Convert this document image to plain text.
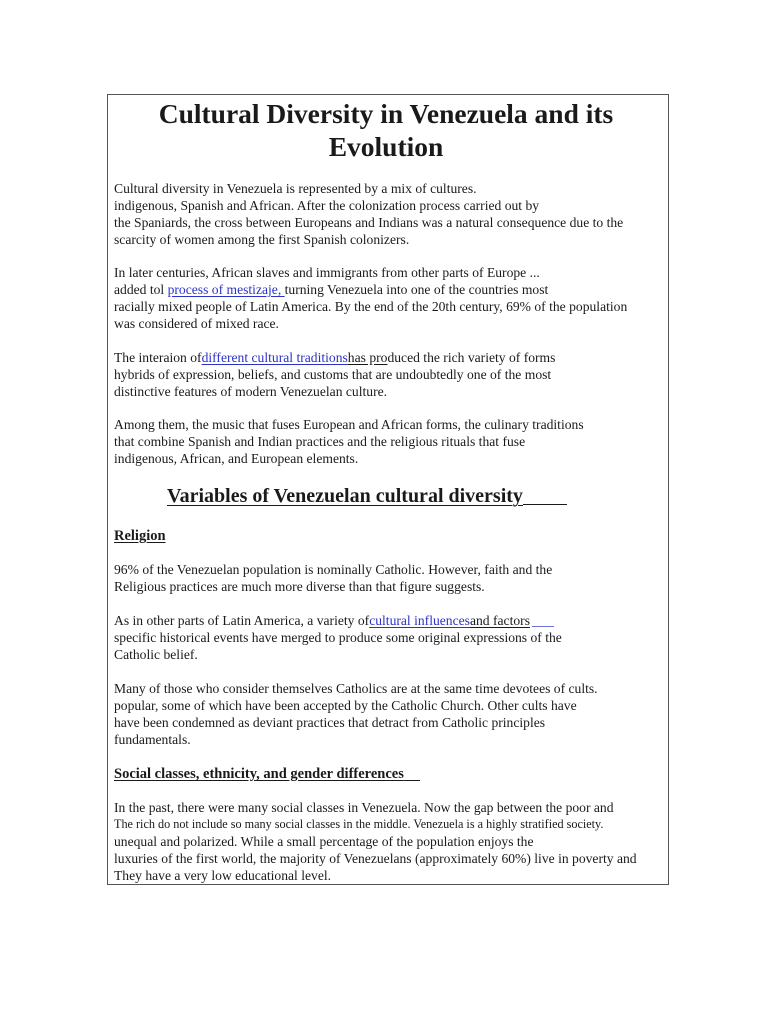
Cultural Diversity in Venezuela and its Evolution

Cultural diversity in Venezuela is represented by a mix of cultures.
indigenous, Spanish and African. After the colonization process carried out by
the Spaniards, the cross between Europeans and Indians was a natural consequence due to the
scarcity of women among the first Spanish colonizers.

In later centuries, African slaves and immigrants from other parts of Europe ...
added tol process of mestizaje, turning Venezuela into one of the countries most
racially mixed people of Latin America. By the end of the 20th century, 69% of the population
was considered of mixed race.

The interaion ofdifferent cultural traditionshas produced the rich variety of forms
hybrids of expression, beliefs, and customs that are undoubtedly one of the most
distinctive features of modern Venezuelan culture.

Among them, the music that fuses European and African forms, the culinary traditions
that combine Spanish and Indian practices and the religious rituals that fuse
indigenous, African, and European elements.

Variables of Venezuelan cultural diversity
Religion

96% of the Venezuelan population is nominally Catholic. However, faith and the
Religious practices are much more diverse than that figure suggests.

As in other parts of Latin America, a variety ofcultural influencesand factors
specific historical events have merged to produce some original expressions of the
Catholic belief.

Many of those who consider themselves Catholics are at the same time devotees of cults.
popular, some of which have been accepted by the Catholic Church. Other cults have
have been condemned as deviant practices that detract from Catholic principles
fundamentals.

Social classes, ethnicity, and gender differences

In the past, there were many social classes in Venezuela. Now the gap between the poor and
The rich do not include so many social classes in the middle. Venezuela is a highly stratified society.
unequal and polarized. While a small percentage of the population enjoys the
luxuries of the first world, the majority of Venezuelans (approximately 60%) live in poverty and
They have a very low educational level.
